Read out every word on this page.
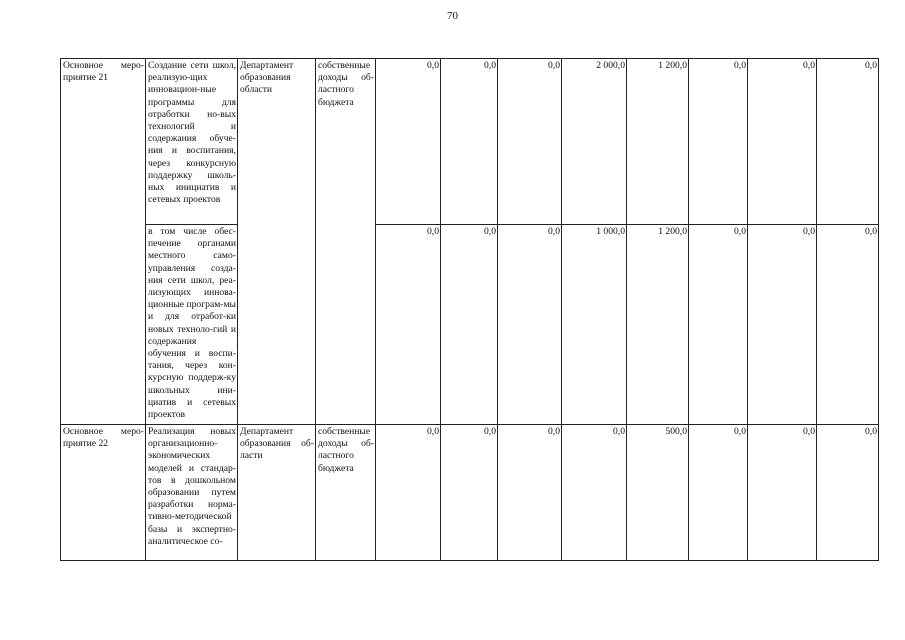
70
Основное меро-приятие 21	Создание сети школ, реализую-щих инновацион-ные программы для отработки но-вых технологий и содержания обуче-ния и воспитания, через конкурсную поддержку школь-ных инициатив и сетевых проектов	Департамент образования области	собственные доходы об-ластного бюджета	0,0	0,0	0,0	2 000,0	1 200,0	0,0	0,0	0,0
	в том числе обес-печение органами местного само-управления созда-ния сети школ, реа-лизующих иннова-ционные програм-мы и для отработ-ки новых техноло-гий и содержания обучения и воспи-тания, через кон-курсную поддерж-ку школьных ини-циатив и сетевых проектов			0,0	0,0	0,0	1 000,0	1 200,0	0,0	0,0	0,0
Основное меро-приятие 22	Реализация новых организационно-экономических моделей и стандар-тов в дошкольном образовании путем разработки норма-тивно-методической базы и экспертно-аналитическое со-	Департамент образования об-ласти	собственные доходы об-ластного бюджета	0,0	0,0	0,0	0,0	500,0	0,0	0,0	0,0
